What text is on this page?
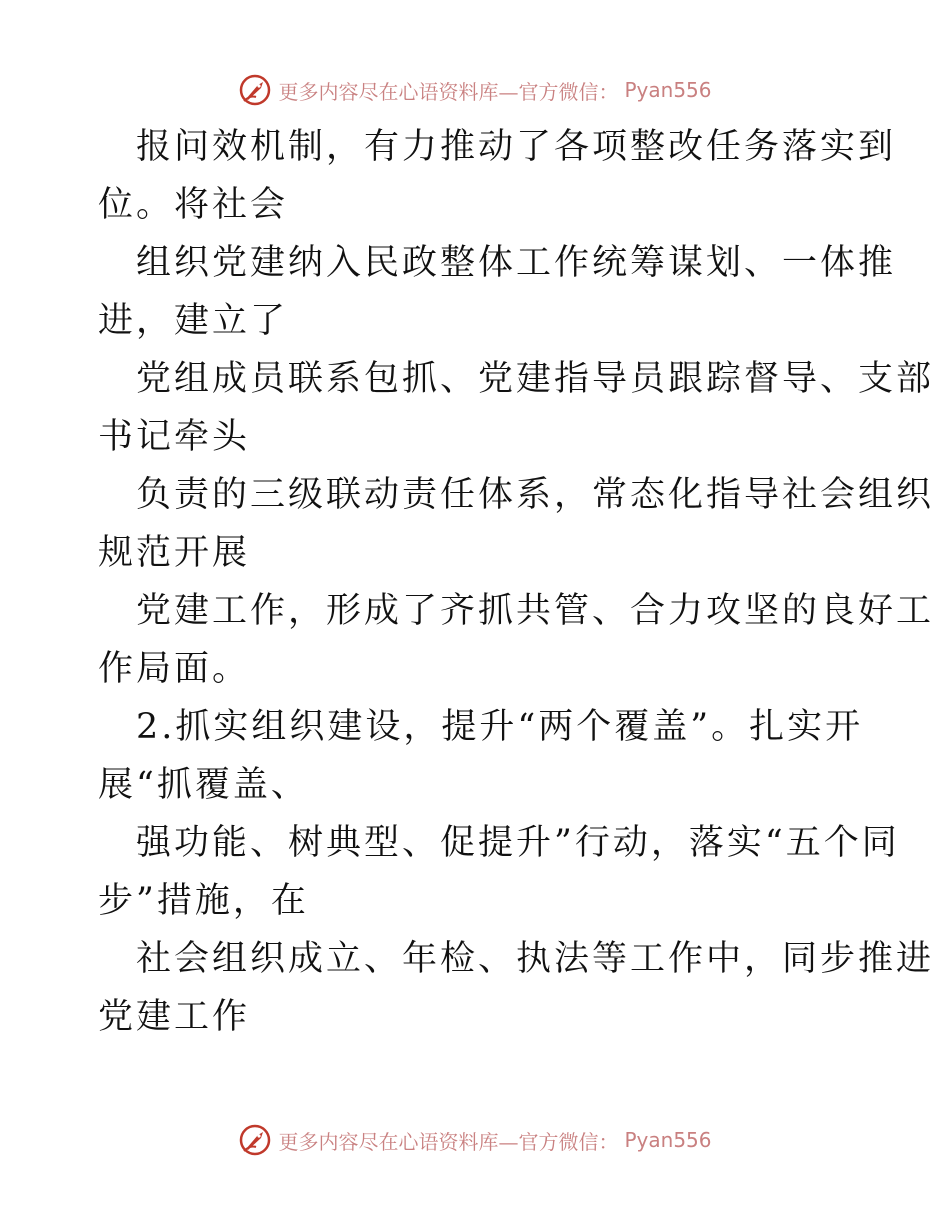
更多内容尽在心语资料库—官方微信： Pyan556
报问效机制，有力推动了各项整改任务落实到
位。将社会
组织党建纳入民政整体工作统筹谋划、一体推
进，建立了
党组成员联系包抓、党建指导员跟踪督导、支部
书记牵头
负责的三级联动责任体系，常态化指导社会组织
规范开展
党建工作，形成了齐抓共管、合力攻坚的良好工
作局面。
2.抓实组织建设，提升“两个覆盖”。扎实开
展“抓覆盖、
强功能、树典型、促提升”行动，落实“五个同
步”措施，在
社会组织成立、年检、执法等工作中，同步推进
党建工作
更多内容尽在心语资料库—官方微信： Pyan556
